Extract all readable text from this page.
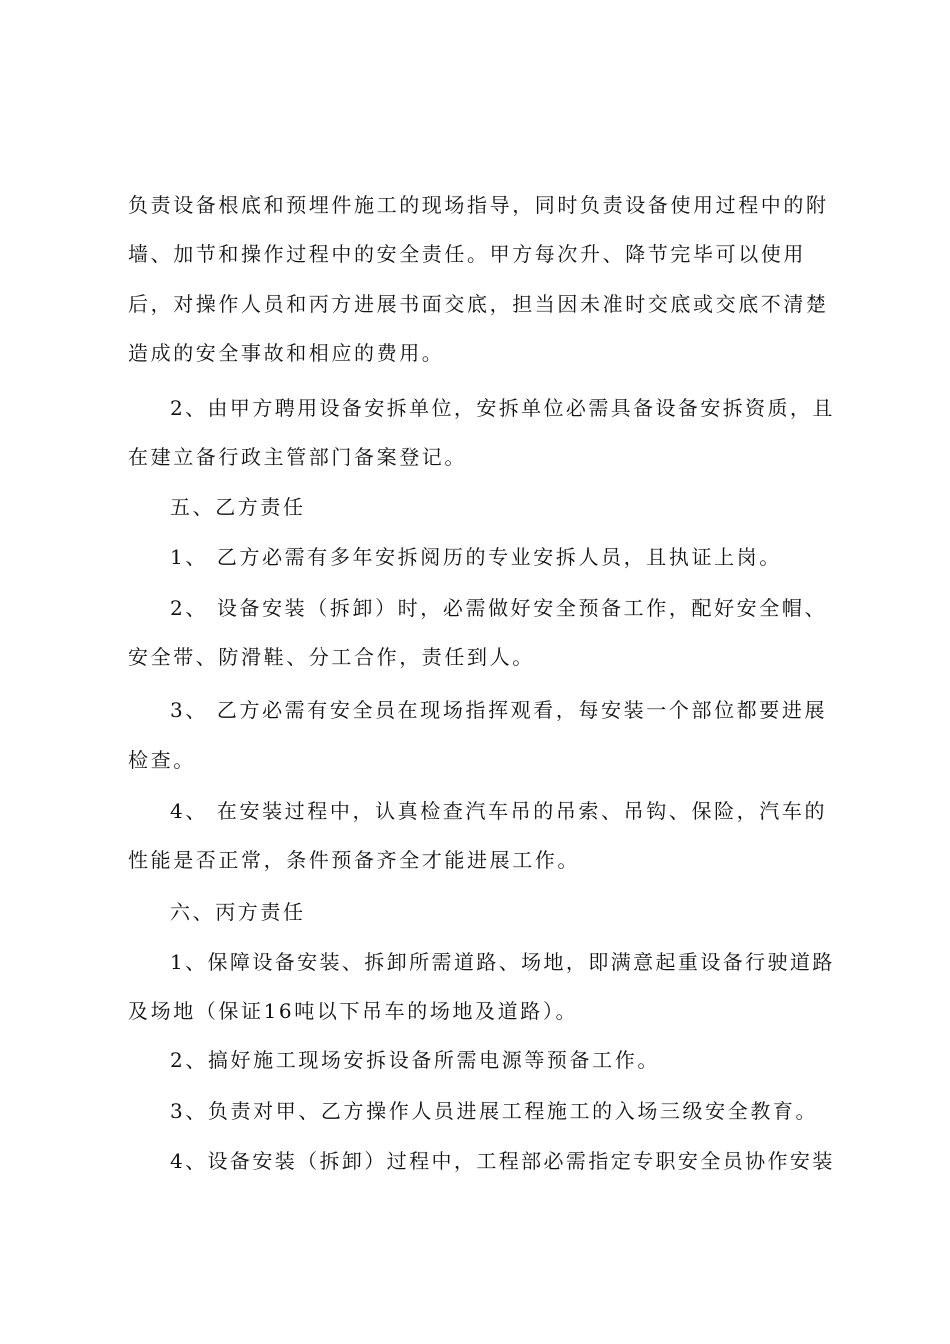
负责设备根底和预埋件施工的现场指导，同时负责设备使用过程中的附
墙、加节和操作过程中的安全责任。甲方每次升、降节完毕可以使用
后，对操作人员和丙方进展书面交底，担当因未准时交底或交底不清楚
造成的安全事故和相应的费用。
2、由甲方聘用设备安拆单位，安拆单位必需具备设备安拆资质，且
在建立备行政主管部门备案登记。
五、乙方责任
1、 乙方必需有多年安拆阅历的专业安拆人员，且执证上岗。
2、 设备安装（拆卸）时，必需做好安全预备工作，配好安全帽、
安全带、防滑鞋、分工合作，责任到人。
3、 乙方必需有安全员在现场指挥观看，每安装一个部位都要进展
检查。
4、 在安装过程中，认真检查汽车吊的吊索、吊钩、保险，汽车的
性能是否正常，条件预备齐全才能进展工作。
六、丙方责任
1、保障设备安装、拆卸所需道路、场地，即满意起重设备行驶道路
及场地（保证16吨以下吊车的场地及道路）。
2、搞好施工现场安拆设备所需电源等预备工作。
3、负责对甲、乙方操作人员进展工程施工的入场三级安全教育。
4、设备安装（拆卸）过程中，工程部必需指定专职安全员协作安装
